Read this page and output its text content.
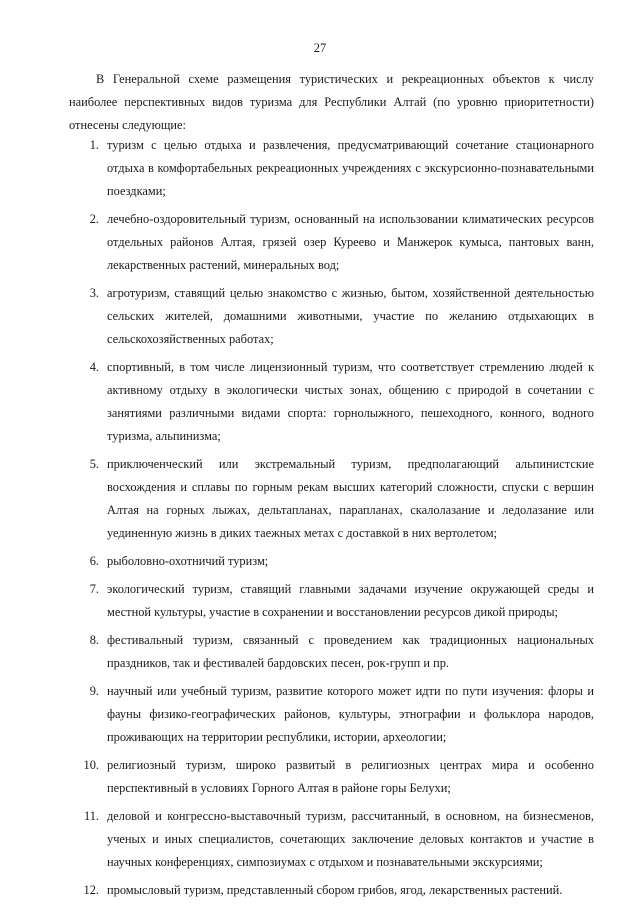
27

В Генеральной схеме размещения туристических и рекреационных объектов к числу наиболее перспективных видов туризма для Республики Алтай (по уровню приоритетности) отнесены следующие:

1. туризм с целью отдыха и развлечения, предусматривающий сочетание стационарного отдыха в комфортабельных рекреационных учреждениях с экскурсионно-познавательными поездками;
2. лечебно-оздоровительный туризм, основанный на использовании климатических ресурсов отдельных районов Алтая, грязей озер Куреево и Манжерок кумыса, пантовых ванн, лекарственных растений, минеральных вод;
3. агротуризм, ставящий целью знакомство с жизнью, бытом, хозяйственной деятельностью сельских жителей, домашними животными, участие по желанию отдыхающих в сельскохозяйственных работах;
4. спортивный, в том числе лицензионный туризм, что соответствует стремлению людей к активному отдыху в экологически чистых зонах, общению с природой в сочетании с занятиями различными видами спорта: горнолыжного, пешеходного, конного, водного туризма, альпинизма;
5. приключенческий или экстремальный туризм, предполагающий альпинистские восхождения и сплавы по горным рекам высших категорий сложности, спуски с вершин Алтая на горных лыжах, дельтапланах, парапланах, скалолазание и ледолазание или уединенную жизнь в диких таежных метах с доставкой в них вертолетом;
6. рыболовно-охотничий туризм;
7. экологический туризм, ставящий главными задачами изучение окружающей среды и местной культуры, участие в сохранении и восстановлении ресурсов дикой природы;
8. фестивальный туризм, связанный с проведением как традиционных национальных праздников, так и фестивалей бардовских песен, рок-групп и пр.
9. научный или учебный туризм, развитие которого может идти по пути изучения: флоры и фауны физико-географических районов, культуры, этнографии и фольклора народов, проживающих на территории республики, истории, археологии;
10. религиозный туризм, широко развитый в религиозных центрах мира и особенно перспективный в условиях Горного Алтая в районе горы Белухи;
11. деловой и конгрессно-выставочный туризм, рассчитанный, в основном, на бизнесменов, ученых и иных специалистов, сочетающих заключение деловых контактов и участие в научных конференциях, симпозиумах с отдыхом и познавательными экскурсиями;
12. промысловый туризм, представленный сбором грибов, ягод, лекарственных растений.
